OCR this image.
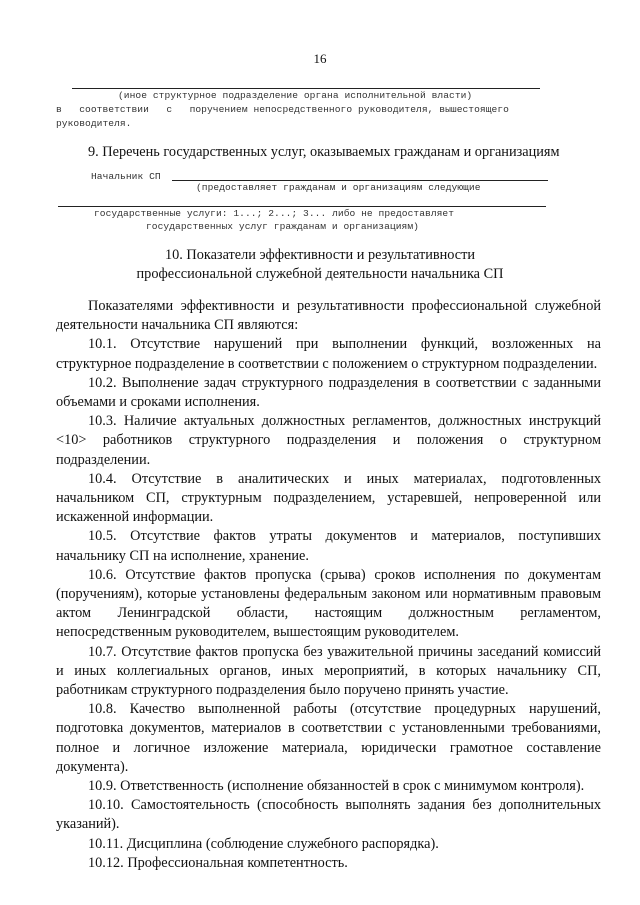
16
(иное структурное подразделение органа исполнительной власти)
в   соответствии   с   поручением непосредственного руководителя, вышестоящего
руководителя.
9. Перечень государственных услуг, оказываемых гражданам и организациям
Начальник СП
(предоставляет гражданам и организациям следующие
государственные услуги: 1...; 2...; 3... либо не предоставляет
государственных услуг гражданам и организациям)
10. Показатели эффективности и результативности
профессиональной служебной деятельности начальника СП
Показателями эффективности и результативности профессиональной служебной деятельности начальника СП являются:
10.1. Отсутствие нарушений при выполнении функций, возложенных на структурное подразделение в соответствии с положением о структурном подразделении.
10.2. Выполнение задач структурного подразделения в соответствии с заданными объемами и сроками исполнения.
10.3. Наличие актуальных должностных регламентов, должностных инструкций <10> работников структурного подразделения и положения о структурном подразделении.
10.4. Отсутствие в аналитических и иных материалах, подготовленных начальником СП, структурным подразделением, устаревшей, непроверенной или искаженной информации.
10.5. Отсутствие фактов утраты документов и материалов, поступивших начальнику СП на исполнение, хранение.
10.6. Отсутствие фактов пропуска (срыва) сроков исполнения по документам (поручениям), которые установлены федеральным законом или нормативным правовым актом Ленинградской области, настоящим должностным регламентом, непосредственным руководителем, вышестоящим руководителем.
10.7. Отсутствие фактов пропуска без уважительной причины заседаний комиссий и иных коллегиальных органов, иных мероприятий, в которых начальнику СП, работникам структурного подразделения было поручено принять участие.
10.8. Качество выполненной работы (отсутствие процедурных нарушений, подготовка документов, материалов в соответствии с установленными требованиями, полное и логичное изложение материала, юридически грамотное составление документа).
10.9. Ответственность (исполнение обязанностей в срок с минимумом контроля).
10.10. Самостоятельность (способность выполнять задания без дополнительных указаний).
10.11. Дисциплина (соблюдение служебного распорядка).
10.12. Профессиональная компетентность.
